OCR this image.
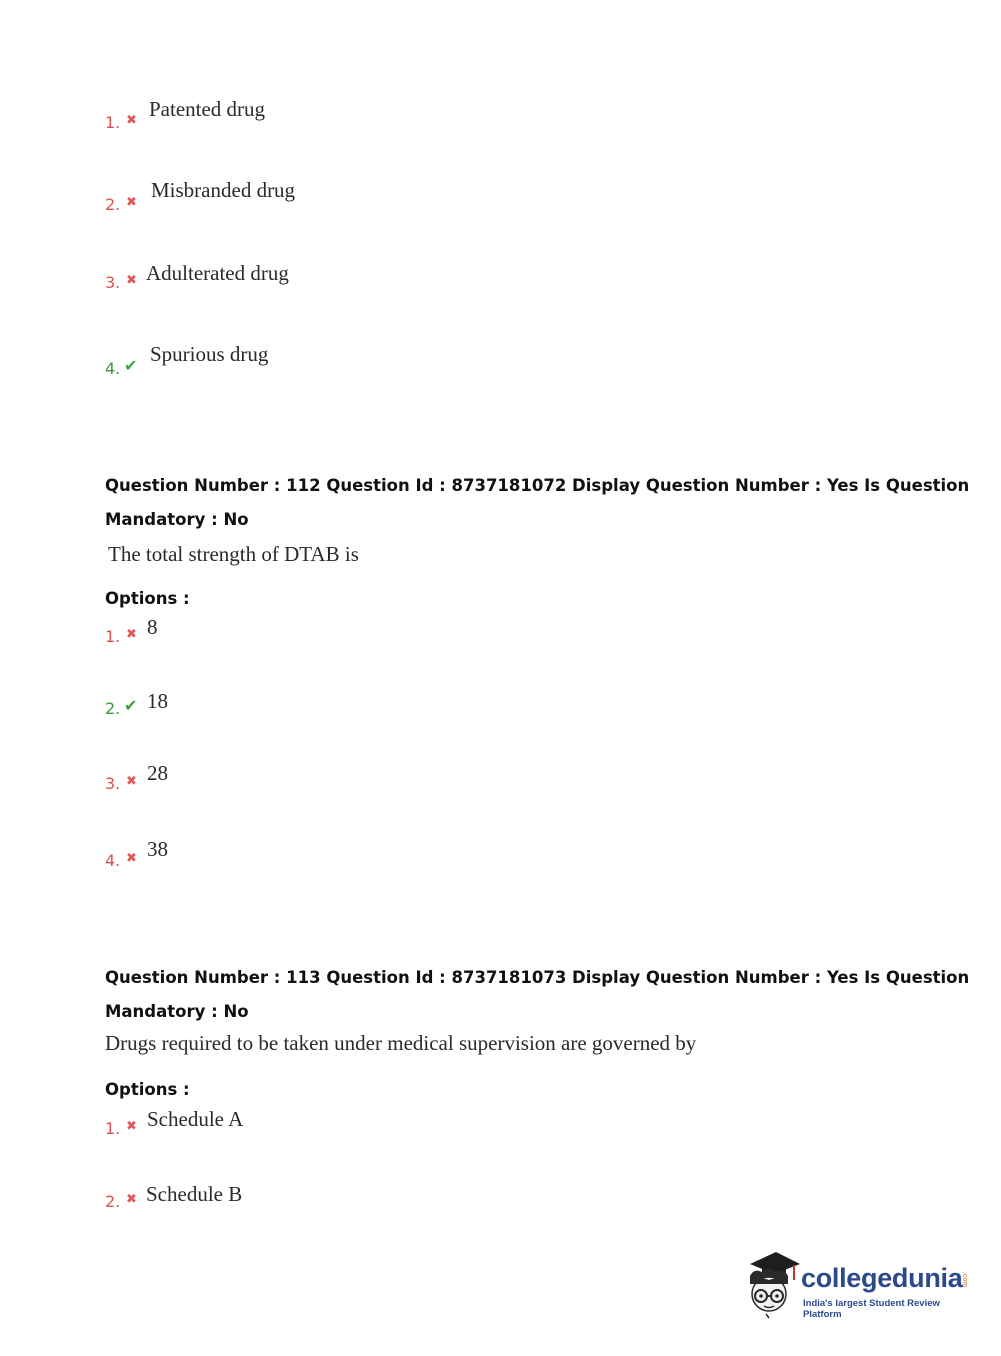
1. ✖ Patented drug
2. ✖
Misbranded drug
3. ✖ Adulterated drug
4. ✔ Spurious drug
Question Number : 112 Question Id : 8737181072 Display Question Number : Yes Is Question
Mandatory : No
The total strength of DTAB is
Options :
1. ✖ 8
2. ✔ 18
3. ✖ 28
4. ✖ 38
Question Number : 113 Question Id : 8737181073 Display Question Number : Yes Is Question
Mandatory : No
Drugs required to be taken under medical supervision are governed by
Options :
1. ✖ Schedule A
2. ✖ Schedule B
collegedunia
.com
India's largest Student Review Platform
